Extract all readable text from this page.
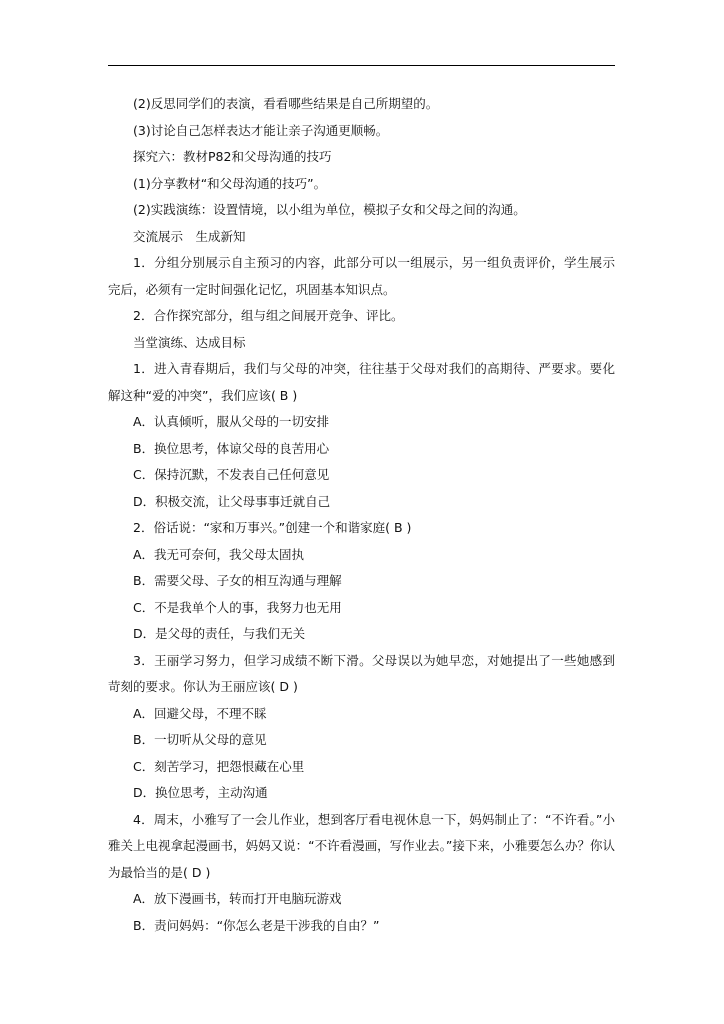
(2)反思同学们的表演，看看哪些结果是自己所期望的。

(3)讨论自己怎样表达才能让亲子沟通更顺畅。

探究六：教材P82和父母沟通的技巧

(1)分享教材“和父母沟通的技巧”。

(2)实践演练：设置情境，以小组为单位，模拟子女和父母之间的沟通。

交流展示　生成新知

1．分组分别展示自主预习的内容，此部分可以一组展示，另一组负责评价，学生展示完后，必须有一定时间强化记忆，巩固基本知识点。

2．合作探究部分，组与组之间展开竞争、评比。

当堂演练、达成目标

1．进入青春期后，我们与父母的冲突，往往基于父母对我们的高期待、严要求。要化解这种“爱的冲突”，我们应该( B )

A．认真倾听，服从父母的一切安排

B．换位思考，体谅父母的良苦用心

C．保持沉默，不发表自己任何意见

D．积极交流，让父母事事迁就自己

2．俗话说：“家和万事兴。”创建一个和谐家庭( B )

A．我无可奈何，我父母太固执

B．需要父母、子女的相互沟通与理解

C．不是我单个人的事，我努力也无用

D．是父母的责任，与我们无关

3．王丽学习努力，但学习成绩不断下滑。父母误以为她早恋，对她提出了一些她感到苛刻的要求。你认为王丽应该( D )

A．回避父母，不理不睬

B．一切听从父母的意见

C．刻苦学习，把怨恨藏在心里

D．换位思考，主动沟通

4．周末，小雅写了一会儿作业，想到客厅看电视休息一下，妈妈制止了：“不许看。”小雅关上电视拿起漫画书，妈妈又说：“不许看漫画，写作业去。”接下来，小雅要怎么办？你认为最恰当的是( D )

A．放下漫画书，转而打开电脑玩游戏

B．责问妈妈：“你怎么老是干涉我的自由？”
